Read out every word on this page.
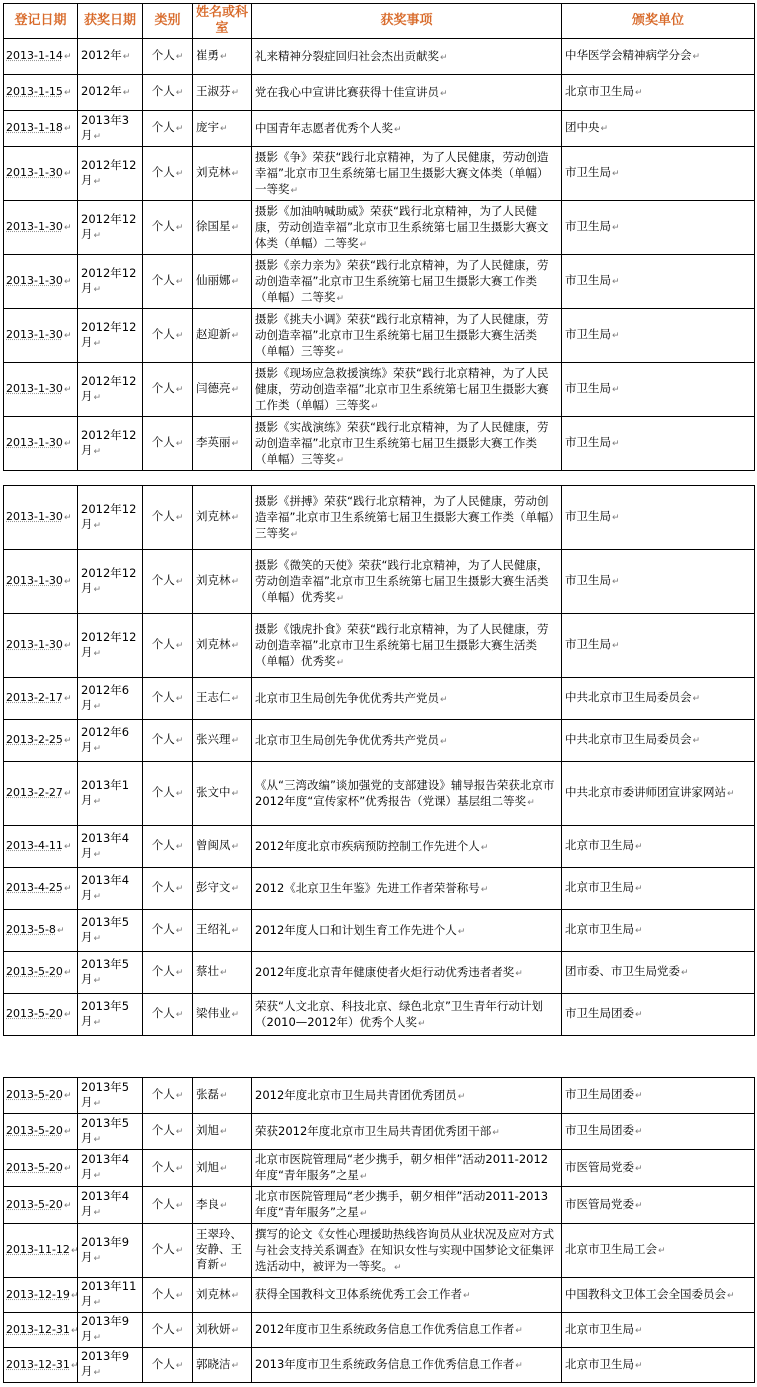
登记日期	获奖日期	类别	姓名或科室	获奖事项	颁奖单位
2013-1-14↵	2012年↵	个人↵	崔勇↵	礼来精神分裂症回归社会杰出贡献奖↵	中华医学会精神病学分会↵
2013-1-15↵	2012年↵	个人↵	王淑芬↵	党在我心中宣讲比赛获得十佳宣讲员↵	北京市卫生局↵
2013-1-18↵	2013年3月↵	个人↵	庞宇↵	中国青年志愿者优秀个人奖↵	团中央↵
2013-1-30↵	2012年12月↵	个人↵	刘克林↵	摄影《争》荣获“践行北京精神，为了人民健康，劳动创造幸福”北京市卫生系统第七届卫生摄影大赛文体类（单幅）一等奖↵	市卫生局↵
2013-1-30↵	2012年12月↵	个人↵	徐国星↵	摄影《加油呐喊助威》荣获“践行北京精神，为了人民健康，劳动创造幸福”北京市卫生系统第七届卫生摄影大赛文体类（单幅）二等奖↵	市卫生局↵
2013-1-30↵	2012年12月↵	个人↵	仙丽娜↵	摄影《亲力亲为》荣获“践行北京精神，为了人民健康，劳动创造幸福”北京市卫生系统第七届卫生摄影大赛工作类（单幅）二等奖↵	市卫生局↵
2013-1-30↵	2012年12月↵	个人↵	赵迎新↵	摄影《挑夫小调》荣获“践行北京精神，为了人民健康，劳动创造幸福”北京市卫生系统第七届卫生摄影大赛生活类（单幅）三等奖↵	市卫生局↵
2013-1-30↵	2012年12月↵	个人↵	闫德亮↵	摄影《现场应急救援演练》荣获“践行北京精神，为了人民健康，劳动创造幸福”北京市卫生系统第七届卫生摄影大赛工作类（单幅）三等奖↵	市卫生局↵
2013-1-30↵	2012年12月↵	个人↵	李英丽↵	摄影《实战演练》荣获“践行北京精神，为了人民健康，劳动创造幸福”北京市卫生系统第七届卫生摄影大赛工作类（单幅）三等奖↵	市卫生局↵
2013-1-30↵	2012年12月↵	个人↵	刘克林↵	摄影《拼搏》荣获“践行北京精神，为了人民健康，劳动创造幸福”北京市卫生系统第七届卫生摄影大赛工作类（单幅）三等奖↵	市卫生局↵
2013-1-30↵	2012年12月↵	个人↵	刘克林↵	摄影《微笑的天使》荣获“践行北京精神，为了人民健康，劳动创造幸福”北京市卫生系统第七届卫生摄影大赛生活类（单幅）优秀奖↵	市卫生局↵
2013-1-30↵	2012年12月↵	个人↵	刘克林↵	摄影《饿虎扑食》荣获“践行北京精神，为了人民健康，劳动创造幸福”北京市卫生系统第七届卫生摄影大赛生活类（单幅）优秀奖↵	市卫生局↵
2013-2-17↵	2012年6月↵	个人↵	王志仁↵	北京市卫生局创先争优优秀共产党员↵	中共北京市卫生局委员会↵
2013-2-25↵	2012年6月↵	个人↵	张兴理↵	北京市卫生局创先争优优秀共产党员↵	中共北京市卫生局委员会↵
2013-2-27↵	2013年1月↵	个人↵	张文中↵	《从“三湾改编”谈加强党的支部建设》辅导报告荣获北京市2012年度“宣传家杯”优秀报告（党课）基层组二等奖↵	中共北京市委讲师团宣讲家网站↵
2013-4-11↵	2013年4月↵	个人↵	曾闽凤↵	2012年度北京市疾病预防控制工作先进个人↵	北京市卫生局↵
2013-4-25↵	2013年4月↵	个人↵	彭守文↵	2012《北京卫生年鉴》先进工作者荣誉称号↵	北京市卫生局↵
2013-5-8↵	2013年5月↵	个人↵	王绍礼↵	2012年度人口和计划生育工作先进个人↵	北京市卫生局↵
2013-5-20↵	2013年5月↵	个人↵	蔡壮↵	2012年度北京青年健康使者火炬行动优秀违者者奖↵	团市委、市卫生局党委↵
2013-5-20↵	2013年5月↵	个人↵	梁伟业↵	荣获“人文北京、科技北京、绿色北京”卫生青年行动计划（2010—2012年）优秀个人奖↵	市卫生局团委↵
2013-5-20↵	2013年5月↵	个人↵	张磊↵	2012年度北京市卫生局共青团优秀团员↵	市卫生局团委↵
2013-5-20↵	2013年5月↵	个人↵	刘旭↵	荣获2012年度北京市卫生局共青团优秀团干部↵	市卫生局团委↵
2013-5-20↵	2013年4月↵	个人↵	刘旭↵	北京市医院管理局“老少携手，朝夕相伴”活动2011-2012年度“青年服务”之星↵	市医管局党委↵
2013-5-20↵	2013年4月↵	个人↵	李良↵	北京市医院管理局“老少携手，朝夕相伴”活动2011-2013年度“青年服务”之星↵	市医管局党委↵
2013-11-12↵	2013年9月↵	个人↵	王翠玲、安静、王育新↵	撰写的论文《女性心理援助热线咨询员从业状况及应对方式与社会支持关系调查》在知识女性与实现中国梦论文征集评选活动中，被评为一等奖。↵	北京市卫生局工会↵
2013-12-19↵	2013年11月↵	个人↵	刘克林↵	获得全国教科文卫体系统优秀工会工作者↵	中国教科文卫体工会全国委员会↵
2013-12-31↵	2013年9月↵	个人↵	刘秋妍↵	2012年度市卫生系统政务信息工作优秀信息工作者↵	北京市卫生局↵
2013-12-31↵	2013年9月↵	个人↵	郭晓洁↵	2013年度市卫生系统政务信息工作优秀信息工作者↵	北京市卫生局↵
